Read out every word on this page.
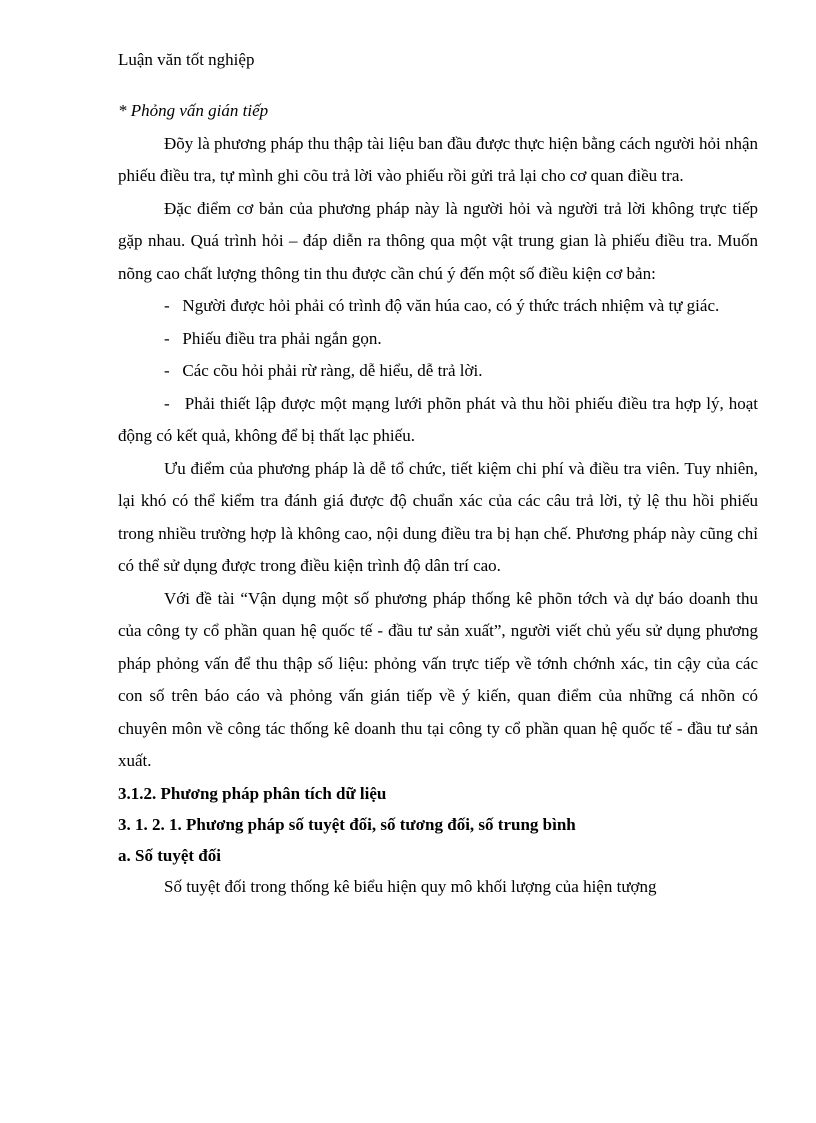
Luận văn tốt nghiệp

* Phỏng vấn gián tiếp

Đõy là phương pháp thu thập tài liệu ban đầu được thực hiện bằng cách người hỏi nhận phiếu điều tra, tự mình ghi cõu trả lời vào phiếu rồi gửi trả lại cho cơ quan điều tra.

Đặc điểm cơ bản của phương pháp này là người hỏi và người trả lời không trực tiếp gặp nhau. Quá trình hỏi – đáp diễn ra thông qua một vật trung gian là phiếu điều tra. Muốn nõng cao chất lượng thông tin thu được cần chú ý đến một số điều kiện cơ bản:

- Người được hỏi phải có trình độ văn húa cao, có ý thức trách nhiệm và tự giác.

- Phiếu điều tra phải ngắn gọn.

- Các cõu hỏi phải rừ ràng, dễ hiểu, dễ trả lời.

- Phải thiết lập được một mạng lưới phõn phát và thu hồi phiếu điều tra hợp lý, hoạt động có kết quả, không để bị thất lạc phiếu.

Ưu điểm của phương pháp là dễ tổ chức, tiết kiệm chi phí và điều tra viên. Tuy nhiên, lại khó có thể kiểm tra đánh giá được độ chuẩn xác của các câu trả lời, tỷ lệ thu hồi phiếu trong nhiều trường hợp là không cao, nội dung điều tra bị hạn chế. Phương pháp này cũng chỉ có thể sử dụng được trong điều kiện trình độ dân trí cao.

Với đề tài “Vận dụng một số phương pháp thống kê phõn tớch và dự báo doanh thu của công ty cổ phần quan hệ quốc tế - đầu tư sản xuất”, người viết chủ yếu sử dụng phương pháp phỏng vấn để thu thập số liệu: phỏng vấn trực tiếp về tớnh chớnh xác, tin cậy của các con số trên báo cáo và phỏng vấn gián tiếp về ý kiến, quan điểm của những cá nhõn có chuyên môn về công tác thống kê doanh thu tại công ty cổ phần quan hệ quốc tế - đầu tư sản xuất.

3.1.2. Phương pháp phân tích dữ liệu

3. 1. 2. 1. Phương pháp số tuyệt đối, số tương đối, số trung bình

a. Số tuyệt đối

Số tuyệt đối trong thống kê biểu hiện quy mô khối lượng của hiện tượng
